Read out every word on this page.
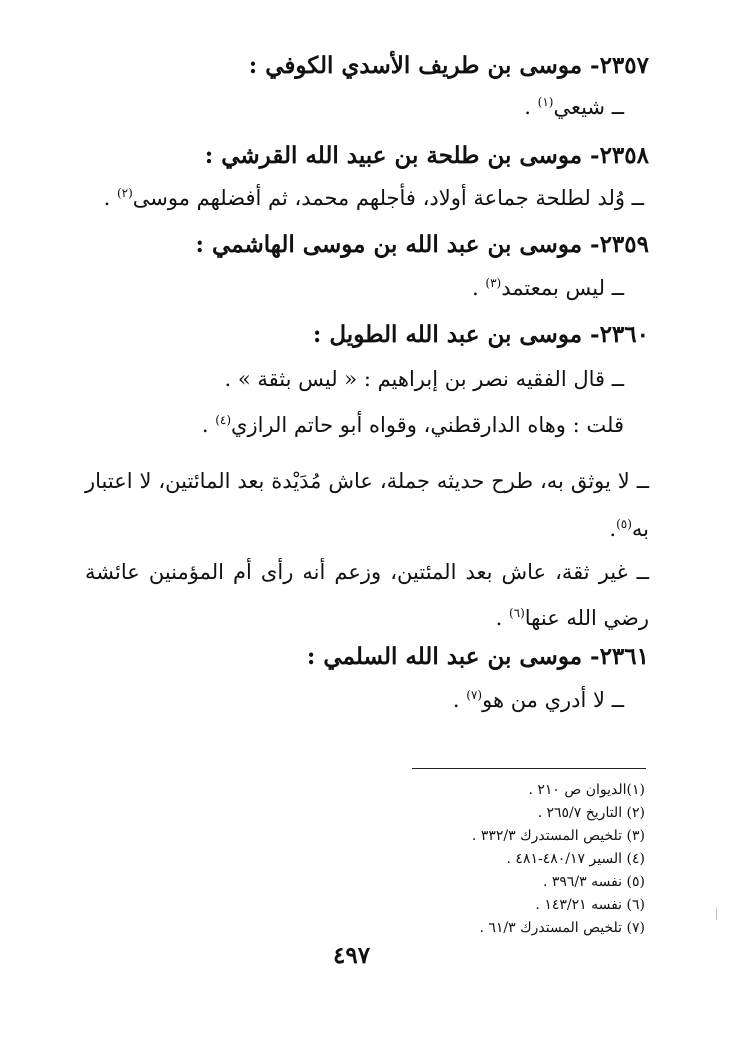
٢٣٥٧- موسى بن طريف الأسدي الكوفي :
ــ شيعي$^{(١)}$ .
٢٣٥٨- موسى بن طلحة بن عبيد الله القرشي :
ــ وُلد لطلحة جماعة أولاد، فأجلهم محمد، ثم أفضلهم موسى$^{(٢)}$ .
٢٣٥٩- موسى بن عبد الله بن موسى الهاشمي :
ــ ليس بمعتمد$^{(٣)}$ .
٢٣٦٠- موسى بن عبد الله الطويل :
ــ قال الفقيه نصر بن إبراهيم : « ليس بثقة » .
قلت : وهاه الدارقطني، وقواه أبو حاتم الرازي$^{(٤)}$ .
ــ لا يوثق به، طرح حديثه جملة، عاش مُدَيْدة بعد المائتين، لا اعتبار به$^{(٥)}$.
ــ غير ثقة، عاش بعد المئتين، وزعم أنه رأى أم المؤمنين عائشة رضي الله عنها$^{(٦)}$ .
٢٣٦١- موسى بن عبد الله السلمي :
ــ لا أدري من هو$^{(٧)}$ .
(١)الديوان ص ٢١٠ .
(٢) التاريخ ٢٦٥/٧ .
(٣) تلخيص المستدرك ٣٣٢/٣ .
(٤) السير ٤٨٠/١٧-٤٨١ .
(٥) نفسه ٣٩٦/٣ .
(٦) نفسه ١٤٣/٢١ .
(٧) تلخيص المستدرك ٦١/٣ .
٤٩٧
